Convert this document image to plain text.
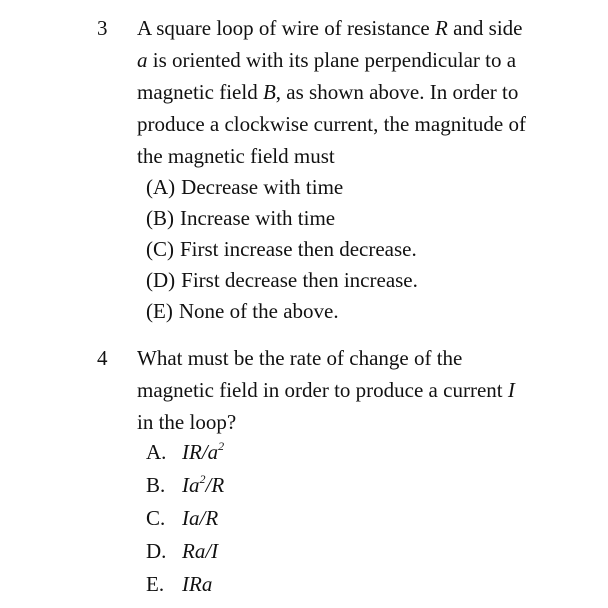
3 A square loop of wire of resistance R and side
a is oriented with its plane perpendicular to a
magnetic field B, as shown above. In order to
produce a clockwise current, the magnitude of
the magnetic field must
(A) Decrease with time
(B) Increase with time
(C) First increase then decrease.
(D) First decrease then increase.
(E) None of the above.
4 What must be the rate of change of the
magnetic field in order to produce a current I
in the loop?
A. $IR/a^2$
B. Ia$^2$/R
C. Ia/R
D. Ra/I
E. IRa
